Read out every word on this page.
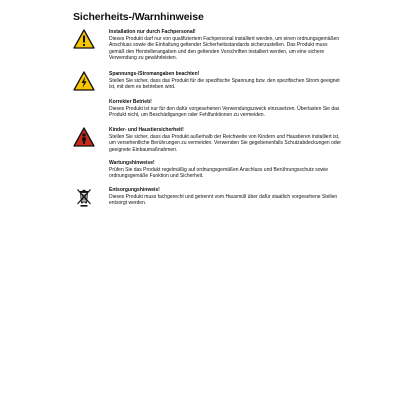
Sicherheits-/Warnhinweise
Installation nur durch Fachpersonal!
Dieses Produkt darf nur von qualifiziertem Fachpersonal installiert werden, um einen ordnungsgemäßen Anschluss sowie die Einhaltung geltender Sicherheitsstandards sicherzustellen. Das Produkt muss gemäß den Herstellerangaben und den geltenden Vorschriften installiert werden, um eine sichere Verwendung zu gewährleisten.
Spannungs-/Stromangaben beachten!
Stellen Sie sicher, dass das Produkt für die spezifische Spannung bzw. den spezifischen Strom geeignet ist, mit dem es betrieben wird.
Korrekter Betrieb!
Dieses Produkt ist nur für den dafür vorgesehenen Verwendungszweck einzusetzen. Überlasten Sie das Produkt nicht, um Beschädigungen oder Fehlfunktionen zu vermeiden.
Kinder- und Haustiersicherheit!
Stellen Sie sicher, dass das Produkt außerhalb der Reichweite von Kindern und Haustieren installiert ist, um versehentliche Berührungen zu vermeiden. Verwenden Sie gegebenenfalls Schutzabdeckungen oder geeignete Einbaumaßnahmen.
Wartungshinweise!
Prüfen Sie das Produkt regelmäßig auf ordnungsgemäßen Anschluss und Berührungsschutz sowie ordnungsgemäße Funktion und Sicherheit.
Entsorgungshinweis!
Dieses Produkt muss fachgerecht und getrennt vom Hausmüll über dafür staatlich vorgesehene Stellen entsorgt werden.
